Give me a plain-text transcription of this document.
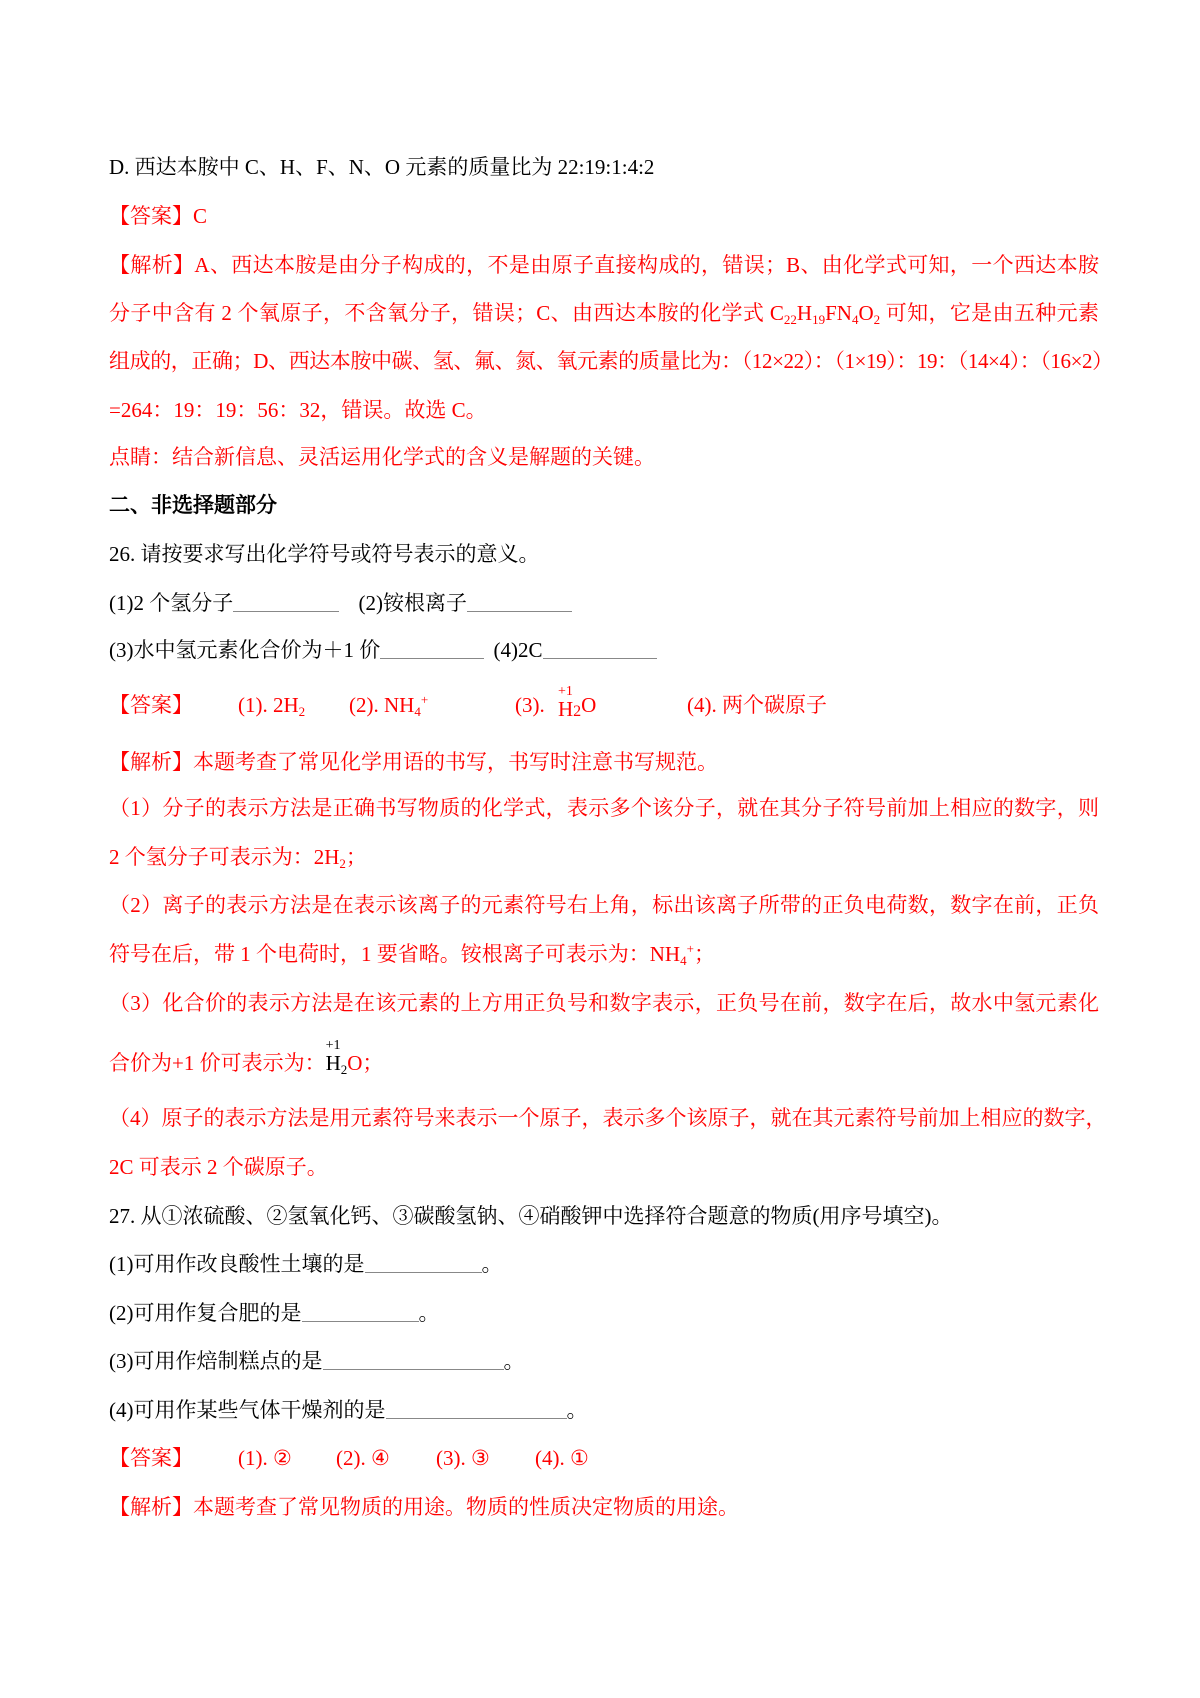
D. 西达本胺中 C、H、F、N、O 元素的质量比为 22:19:1:4:2
【答案】C
【解析】A、西达本胺是由分子构成的，不是由原子直接构成的，错误；B、由化学式可知，一个西达本胺
分子中含有 2 个氧原子，不含氧分子，错误；C、由西达本胺的化学式 $C_{22}H_{19}FN_4O_2$ 可知，它是由五种元素
组成的，正确；D、西达本胺中碳、氢、氟、氮、氧元素的质量比为：（12×22）：（1×19）：19：（14×4）：（16×2）
=264：19：19：56：32，错误。故选 C。
点睛：结合新信息、灵活运用化学式的含义是解题的关键。
二、非选择题部分
26. 请按要求写出化学符号或符号表示的意义。
(1)2 个氢分子	(2)铵根离子
(3)水中氢元素化合价为＋1 价	(4)2C
【答案】 (1). $2H_2$ (2). $NH_4^+$	(3).
+1
H2O	(4). 两个碳原子
【解析】本题考查了常见化学用语的书写，书写时注意书写规范。
（1）分子的表示方法是正确书写物质的化学式，表示多个该分子，就在其分子符号前加上相应的数字，则
2 个氢分子可表示为：$2H_2$；
（2）离子的表示方法是在表示该离子的元素符号右上角，标出该离子所带的正负电荷数，数字在前，正负
符号在后，带 1 个电荷时，1 要省略。铵根离子可表示为：$NH_4^+$；
（3）化合价的表示方法是在该元素的上方用正负号和数字表示，正负号在前，数字在后，故水中氢元素化
合价为+1 价可表示为：
+1
$H_2O$；
（4）原子的表示方法是用元素符号来表示一个原子，表示多个该原子，就在其元素符号前加上相应的数字，
2C 可表示 2 个碳原子。
27. 从①浓硫酸、②氢氧化钙、③碳酸氢钠、④硝酸钾中选择符合题意的物质(用序号填空)。
(1)可用作改良酸性土壤的是	。
(2)可用作复合肥的是	。
(3)可用作焙制糕点的是	。
(4)可用作某些气体干燥剂的是	。
【答案】 (1). ② (2). ④ (3). ③ (4). ①
【解析】本题考查了常见物质的用途。物质的性质决定物质的用途。
